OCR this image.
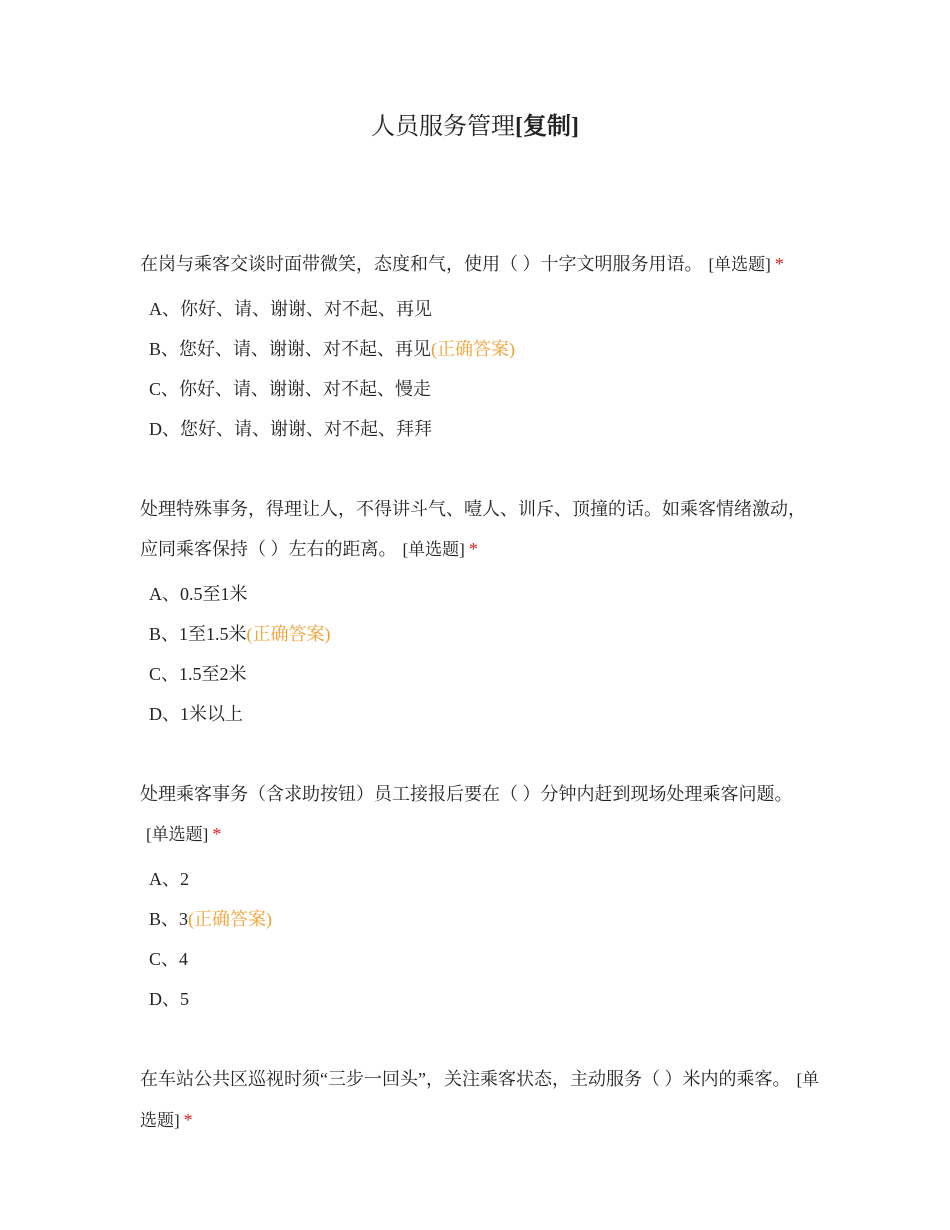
人员服务管理[复制]
在岗与乘客交谈时面带微笑，态度和气，使用（ ）十字文明服务用语。 [单选题] *
A、你好、请、谢谢、对不起、再见
B、您好、请、谢谢、对不起、再见(正确答案)
C、你好、请、谢谢、对不起、慢走
D、您好、请、谢谢、对不起、拜拜
处理特殊事务，得理让人，不得讲斗气、噎人、训斥、顶撞的话。如乘客情绪激动，应同乘客保持（ ）左右的距离。 [单选题] *
A、0.5至1米
B、1至1.5米(正确答案)
C、1.5至2米
D、1米以上
处理乘客事务（含求助按钮）员工接报后要在（ ）分钟内赶到现场处理乘客问题。[单选题] *
A、2
B、3(正确答案)
C、4
D、5
在车站公共区巡视时须“三步一回头”，关注乘客状态，主动服务（ ）米内的乘客。 [单选题] *
